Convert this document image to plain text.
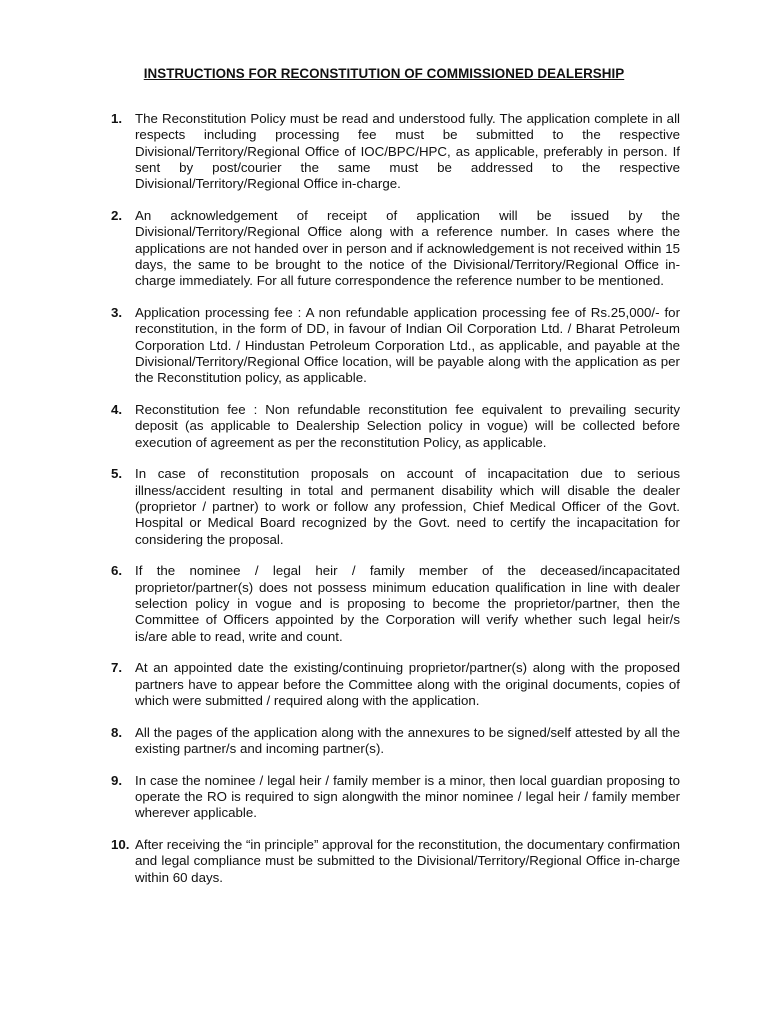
INSTRUCTIONS FOR RECONSTITUTION OF COMMISSIONED DEALERSHIP
1. The Reconstitution Policy must be read and understood fully. The application complete in all respects including processing fee must be submitted to the respective Divisional/Territory/Regional Office of IOC/BPC/HPC, as applicable, preferably in person. If sent by post/courier the same must be addressed to the respective Divisional/Territory/Regional Office in-charge.
2. An acknowledgement of receipt of application will be issued by the Divisional/Territory/Regional Office along with a reference number. In cases where the applications are not handed over in person and if acknowledgement is not received within 15 days, the same to be brought to the notice of the Divisional/Territory/Regional Office in-charge immediately. For all future correspondence the reference number to be mentioned.
3. Application processing fee : A non refundable application processing fee of Rs.25,000/- for reconstitution, in the form of DD, in favour of Indian Oil Corporation Ltd. / Bharat Petroleum Corporation Ltd. / Hindustan Petroleum Corporation Ltd., as applicable, and payable at the Divisional/Territory/Regional Office location, will be payable along with the application as per the Reconstitution policy, as applicable.
4. Reconstitution fee : Non refundable reconstitution fee equivalent to prevailing security deposit (as applicable to Dealership Selection policy in vogue) will be collected before execution of agreement as per the reconstitution Policy, as applicable.
5. In case of reconstitution proposals on account of incapacitation due to serious illness/accident resulting in total and permanent disability which will disable the dealer (proprietor / partner) to work or follow any profession, Chief Medical Officer of the Govt. Hospital or Medical Board recognized by the Govt. need to certify the incapacitation for considering the proposal.
6. If the nominee / legal heir / family member of the deceased/incapacitated proprietor/partner(s) does not possess minimum education qualification in line with dealer selection policy in vogue and is proposing to become the proprietor/partner, then the Committee of Officers appointed by the Corporation will verify whether such legal heir/s is/are able to read, write and count.
7. At an appointed date the existing/continuing proprietor/partner(s) along with the proposed partners have to appear before the Committee along with the original documents, copies of which were submitted / required along with the application.
8. All the pages of the application along with the annexures to be signed/self attested by all the existing partner/s and incoming partner(s).
9. In case the nominee / legal heir / family member is a minor, then local guardian proposing to operate the RO is required to sign alongwith the minor nominee / legal heir / family member wherever applicable.
10. After receiving the “in principle” approval for the reconstitution, the documentary confirmation and legal compliance must be submitted to the Divisional/Territory/Regional Office in-charge within 60 days.
